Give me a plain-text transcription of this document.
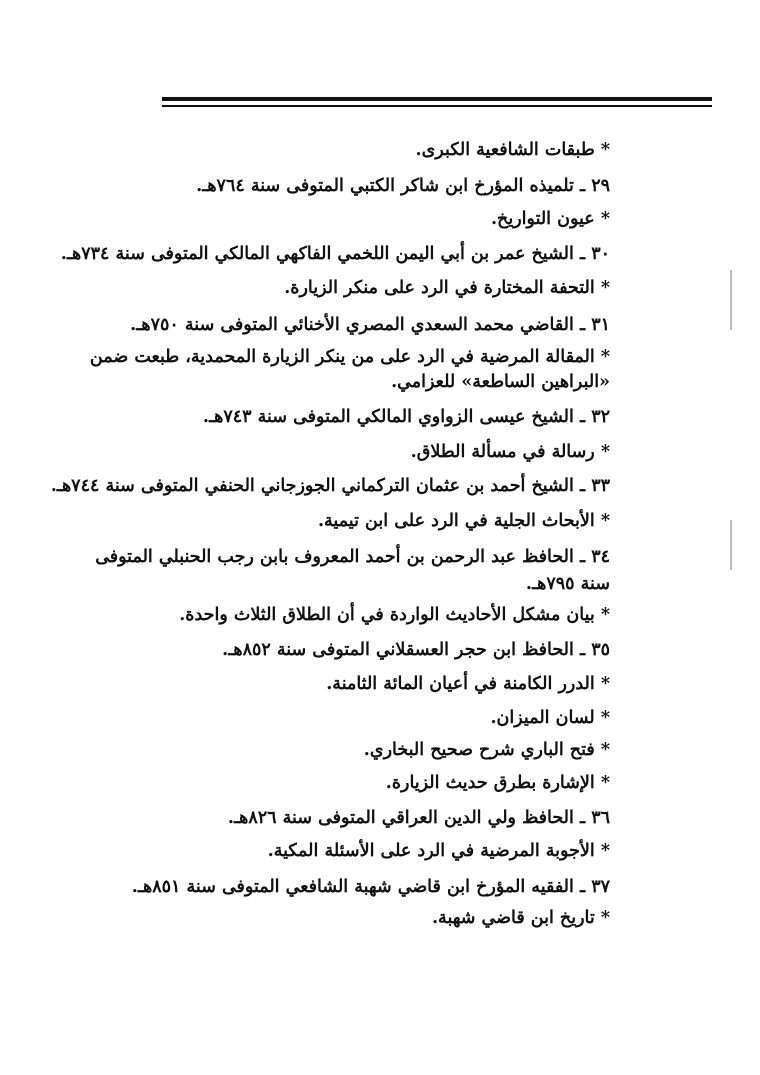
* طبقات الشافعية الكبرى.
٢٩ ـ تلميذه المؤرخ ابن شاكر الكتبي المتوفى سنة ٧٦٤هـ.
* عيون التواريخ.
٣٠ ـ الشيخ عمر بن أبي اليمن اللخمي الفاكهي المالكي المتوفى سنة ٧٣٤هـ.
* التحفة المختارة في الرد على منكر الزيارة.
٣١ ـ القاضي محمد السعدي المصري الأخنائي المتوفى سنة ٧٥٠هـ.
* المقالة المرضية في الرد على من ينكر الزيارة المحمدية، طبعت ضمن
«البراهين الساطعة» للعزامي.
٣٢ ـ الشيخ عيسى الزواوي المالكي المتوفى سنة ٧٤٣هـ.
* رسالة في مسألة الطلاق.
٣٣ ـ الشيخ أحمد بن عثمان التركماني الجوزجاني الحنفي المتوفى سنة ٧٤٤هـ.
* الأبحاث الجلية في الرد على ابن تيمية.
٣٤ ـ الحافظ عبد الرحمن بن أحمد المعروف بابن رجب الحنبلي المتوفى
سنة ٧٩٥هـ.
* بيان مشكل الأحاديث الواردة في أن الطلاق الثلاث واحدة.
٣٥ ـ الحافظ ابن حجر العسقلاني المتوفى سنة ٨٥٢هـ.
* الدرر الكامنة في أعيان المائة الثامنة.
* لسان الميزان.
* فتح الباري شرح صحيح البخاري.
* الإشارة بطرق حديث الزيارة.
٣٦ ـ الحافظ ولي الدين العراقي المتوفى سنة ٨٢٦هـ.
* الأجوبة المرضية في الرد على الأسئلة المكية.
٣٧ ـ الفقيه المؤرخ ابن قاضي شهبة الشافعي المتوفى سنة ٨٥١هـ.
* تاريخ ابن قاضي شهبة.
